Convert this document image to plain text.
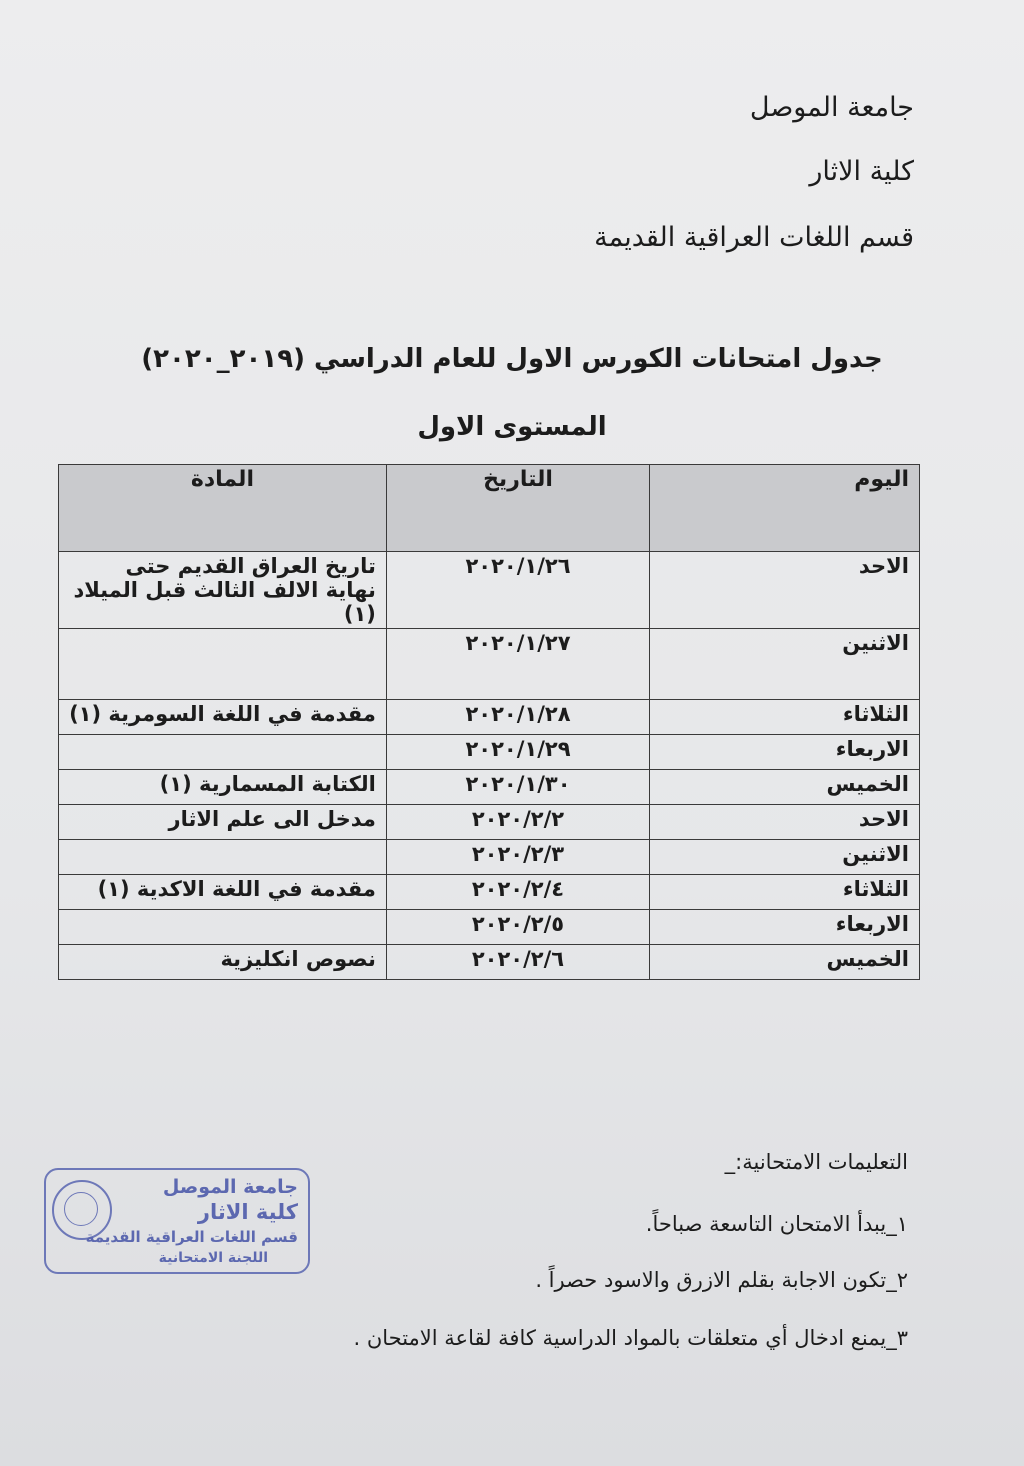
جامعة الموصل
كلية الاثار
قسم اللغات العراقية القديمة
جدول امتحانات الكورس الاول للعام الدراسي (٢٠١٩_٢٠٢٠)
المستوى الاول
اليوم	التاريخ	المادة
الاحد	٢٠٢٠/١/٢٦	تاريخ العراق القديم حتى نهاية الالف الثالث قبل الميلاد (١)
الاثنين	٢٠٢٠/١/٢٧	
الثلاثاء	٢٠٢٠/١/٢٨	مقدمة في اللغة السومرية (١)
الاربعاء	٢٠٢٠/١/٢٩	
الخميس	٢٠٢٠/١/٣٠	الكتابة المسمارية (١)
الاحد	٢٠٢٠/٢/٢	مدخل الى علم الاثار
الاثنين	٢٠٢٠/٢/٣	
الثلاثاء	٢٠٢٠/٢/٤	مقدمة في اللغة الاكدية (١)
الاربعاء	٢٠٢٠/٢/٥	
الخميس	٢٠٢٠/٢/٦	نصوص انكليزية
التعليمات الامتحانية:_
١_يبدأ الامتحان التاسعة صباحاً.
٢_تكون الاجابة بقلم الازرق والاسود حصراً .
٣_يمنع ادخال أي متعلقات بالمواد الدراسية كافة لقاعة الامتحان .
جامعة الموصل
كلية الاثار
قسم اللغات العراقية القديمة
اللجنة الامتحانية
